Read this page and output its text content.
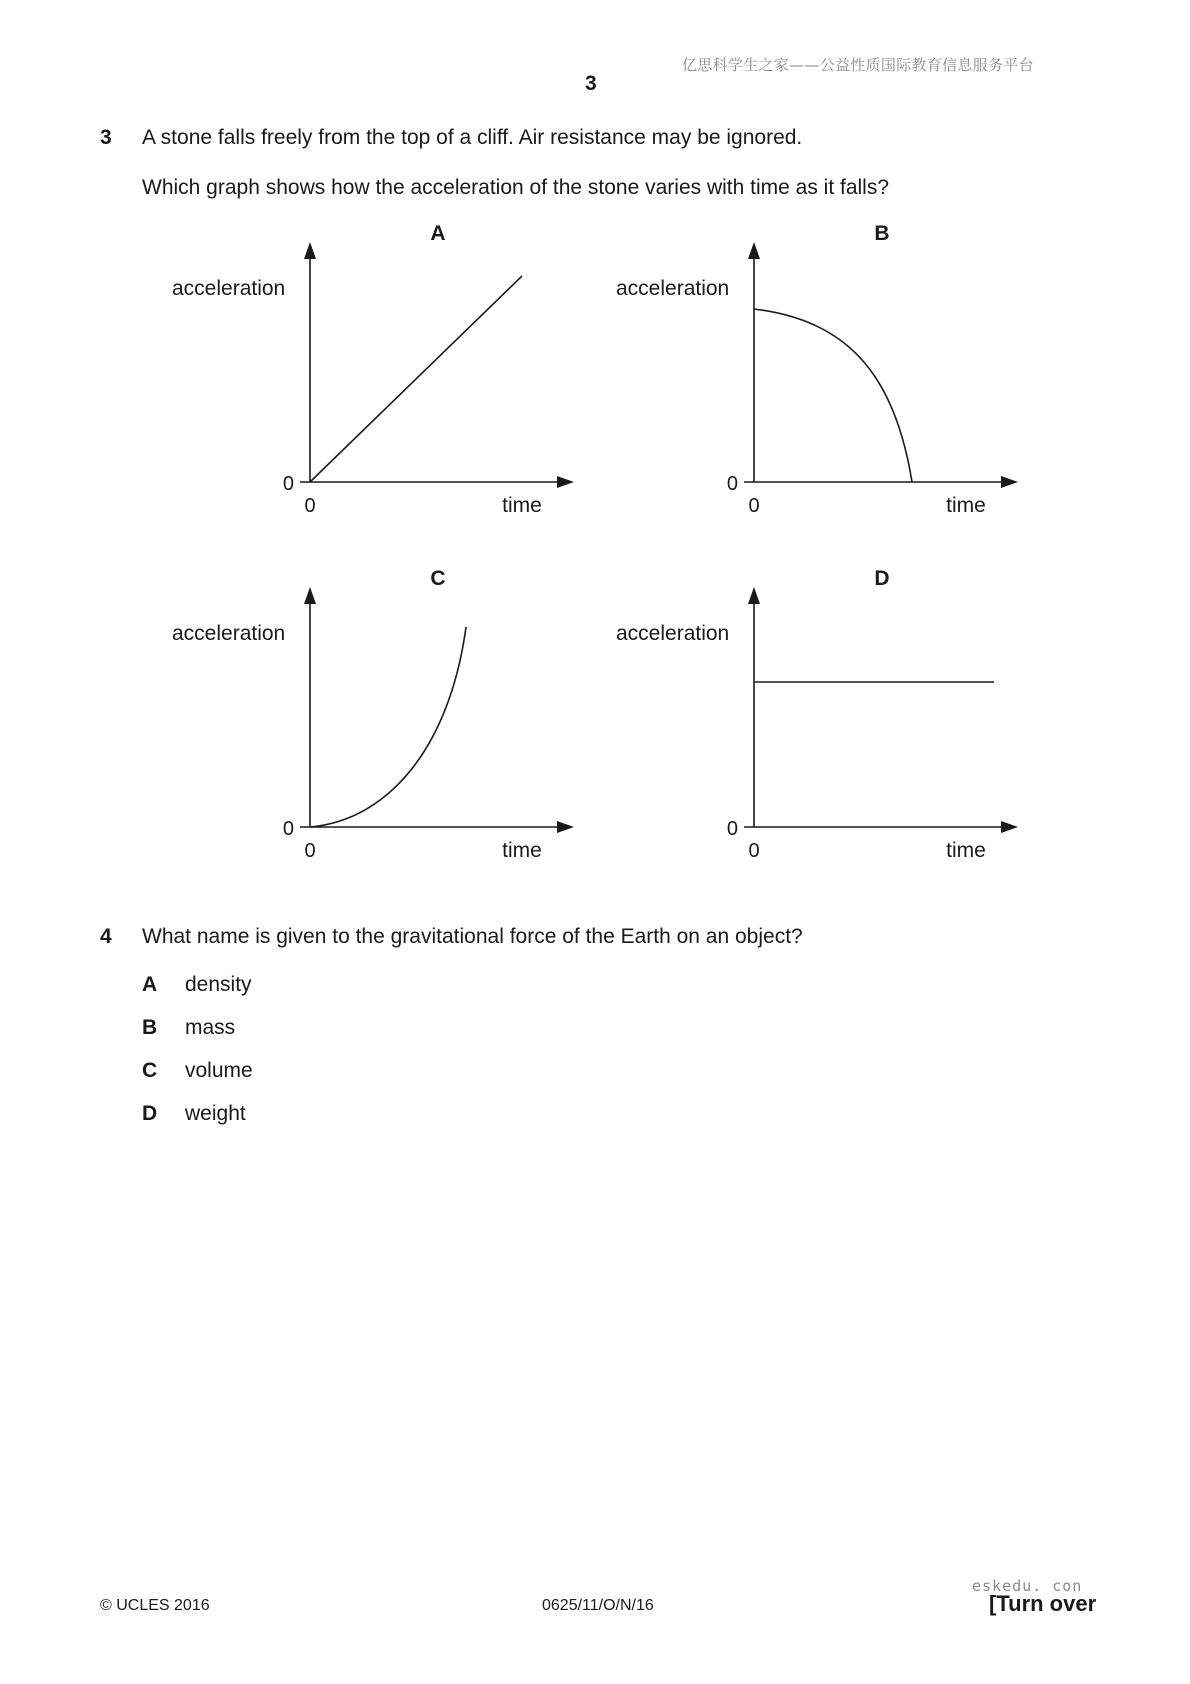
亿思科学生之家——公益性质国际教育信息服务平台
3
3 A stone falls freely from the top of a cliff. Air resistance may be ignored.
Which graph shows how the acceleration of the stone varies with time as it falls?
A
acceleration
0
0	time
B
acceleration
0
0	time
C
acceleration
0
0	time
D
acceleration
0
0	time
4 What name is given to the gravitational force of the Earth on an object?
A density
B mass
C volume
D weight
eskedu. con
© UCLES 2016	0625/11/O/N/16	[Turn over
